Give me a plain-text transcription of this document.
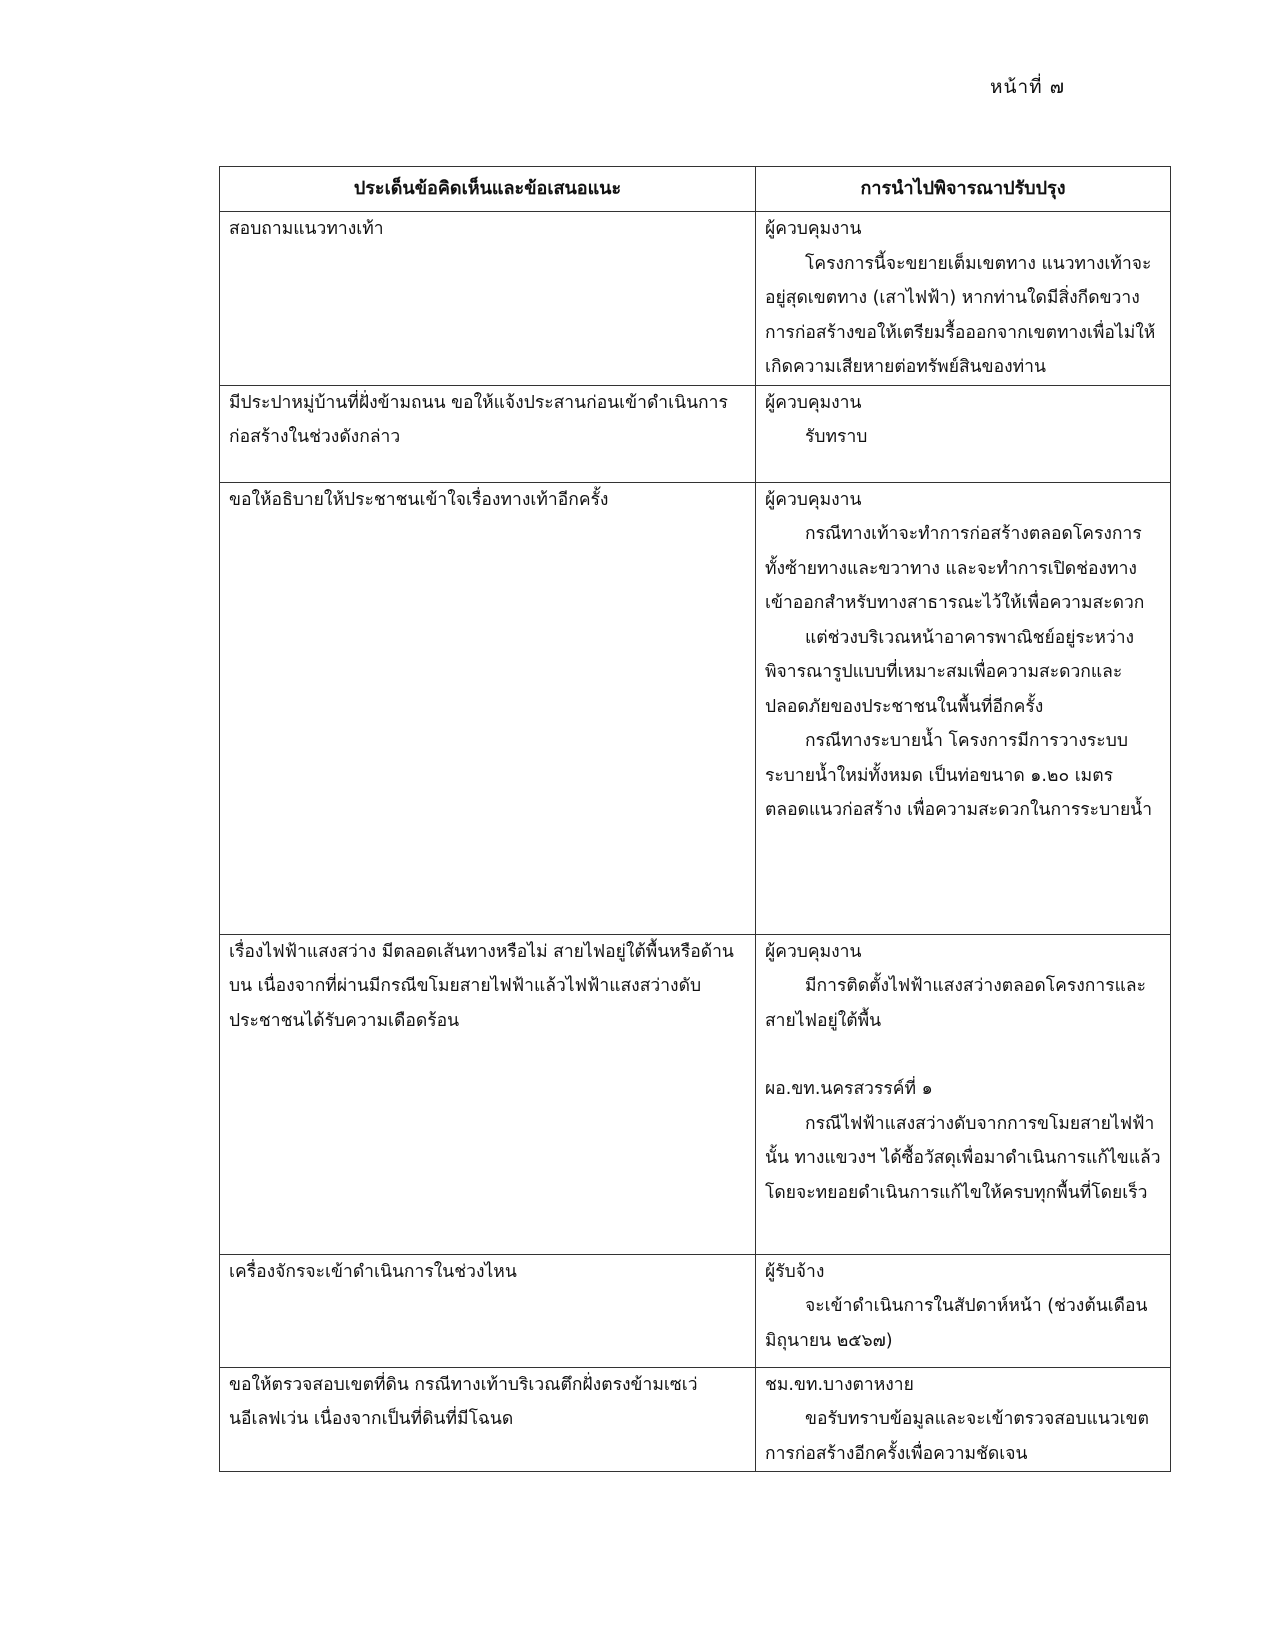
หน้าที่ ๗
ประเด็นข้อคิดเห็นและข้อเสนอแนะ	การนำไปพิจารณาปรับปรุง
สอบถามแนวทางเท้า	ผู้ควบคุมงาน
โครงการนี้จะขยายเต็มเขตทาง แนวทางเท้าจะอยู่สุดเขตทาง (เสาไฟฟ้า) หากท่านใดมีสิ่งกีดขวางการก่อสร้างขอให้เตรียมรื้อออกจากเขตทางเพื่อไม่ให้เกิดความเสียหายต่อทรัพย์สินของท่าน

มีประปาหมู่บ้านที่ฝั่งข้ามถนน ขอให้แจ้งประสานก่อนเข้าดำเนินการก่อสร้างในช่วงดังกล่าว	ผู้ควบคุมงาน
รับทราบ

ขอให้อธิบายให้ประชาชนเข้าใจเรื่องทางเท้าอีกครั้ง	ผู้ควบคุมงาน
กรณีทางเท้าจะทำการก่อสร้างตลอดโครงการ ทั้งซ้ายทางและขวาทาง และจะทำการเปิดช่องทางเข้าออกสำหรับทางสาธารณะไว้ให้เพื่อความสะดวก
แต่ช่วงบริเวณหน้าอาคารพาณิชย์อยู่ระหว่างพิจารณารูปแบบที่เหมาะสมเพื่อความสะดวกและปลอดภัยของประชาชนในพื้นที่อีกครั้ง
กรณีทางระบายน้ำ โครงการมีการวางระบบระบายน้ำใหม่ทั้งหมด เป็นท่อขนาด ๑.๒๐ เมตร ตลอดแนวก่อสร้าง เพื่อความสะดวกในการระบายน้ำ

เรื่องไฟฟ้าแสงสว่าง มีตลอดเส้นทางหรือไม่ สายไฟอยู่ใต้พื้นหรือด้านบน เนื่องจากที่ผ่านมีกรณีขโมยสายไฟฟ้าแล้วไฟฟ้าแสงสว่างดับ ประชาชนได้รับความเดือดร้อน	ผู้ควบคุมงาน
มีการติดตั้งไฟฟ้าแสงสว่างตลอดโครงการและสายไฟอยู่ใต้พื้น
ผอ.ขท.นครสวรรค์ที่ ๑
กรณีไฟฟ้าแสงสว่างดับจากการขโมยสายไฟฟ้านั้น ทางแขวงฯ ได้ซื้อวัสดุเพื่อมาดำเนินการแก้ไขแล้ว โดยจะทยอยดำเนินการแก้ไขให้ครบทุกพื้นที่โดยเร็ว

เครื่องจักรจะเข้าดำเนินการในช่วงไหน	ผู้รับจ้าง
จะเข้าดำเนินการในสัปดาห์หน้า (ช่วงต้นเดือน มิถุนายน ๒๕๖๗)

ขอให้ตรวจสอบเขตที่ดิน กรณีทางเท้าบริเวณตึกฝั่งตรงข้ามเซเว่นอีเลฟเว่น เนื่องจากเป็นที่ดินที่มีโฉนด	ชม.ขท.บางตาหงาย
ขอรับทราบข้อมูลและจะเข้าตรวจสอบแนวเขตการก่อสร้างอีกครั้งเพื่อความชัดเจน
